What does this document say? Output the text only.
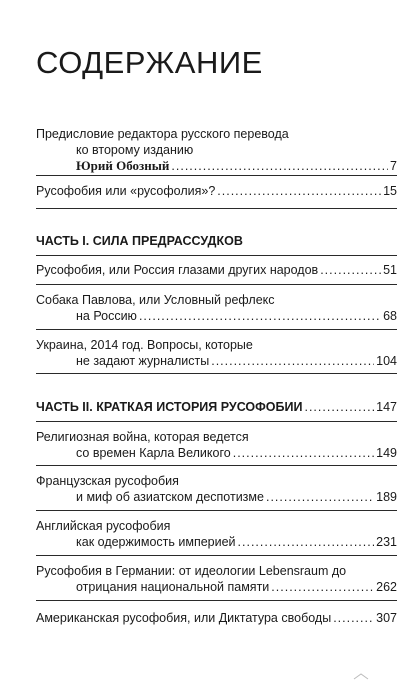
СОДЕРЖАНИЕ

Предисловие редактора русского перевода

ко второму изданию

Юрий Обозный .....	7

Русофобия или «русофолия»? .....	15

ЧАСТЬ I. СИЛА ПРЕДРАССУДКОВ

Русофобия, или Россия глазами других народов .....	51

Собака Павлова, или Условный рефлекс

на Россию .....	68

Украина, 2014 год. Вопросы, которые

не задают журналисты .....	104

ЧАСТЬ II. КРАТКАЯ ИСТОРИЯ РУСОФОБИИ .....	147

Религиозная война, которая ведется

со времен Карла Великого .....	149

Французская русофобия

и миф об азиатском деспотизме .....	189

Английская русофобия

как одержимость империей .....	231

Русофобия в Германии: от идеологии Lebensraum до

отрицания национальной памяти .....	262

Американская русофобия, или Диктатура свободы .....	307
